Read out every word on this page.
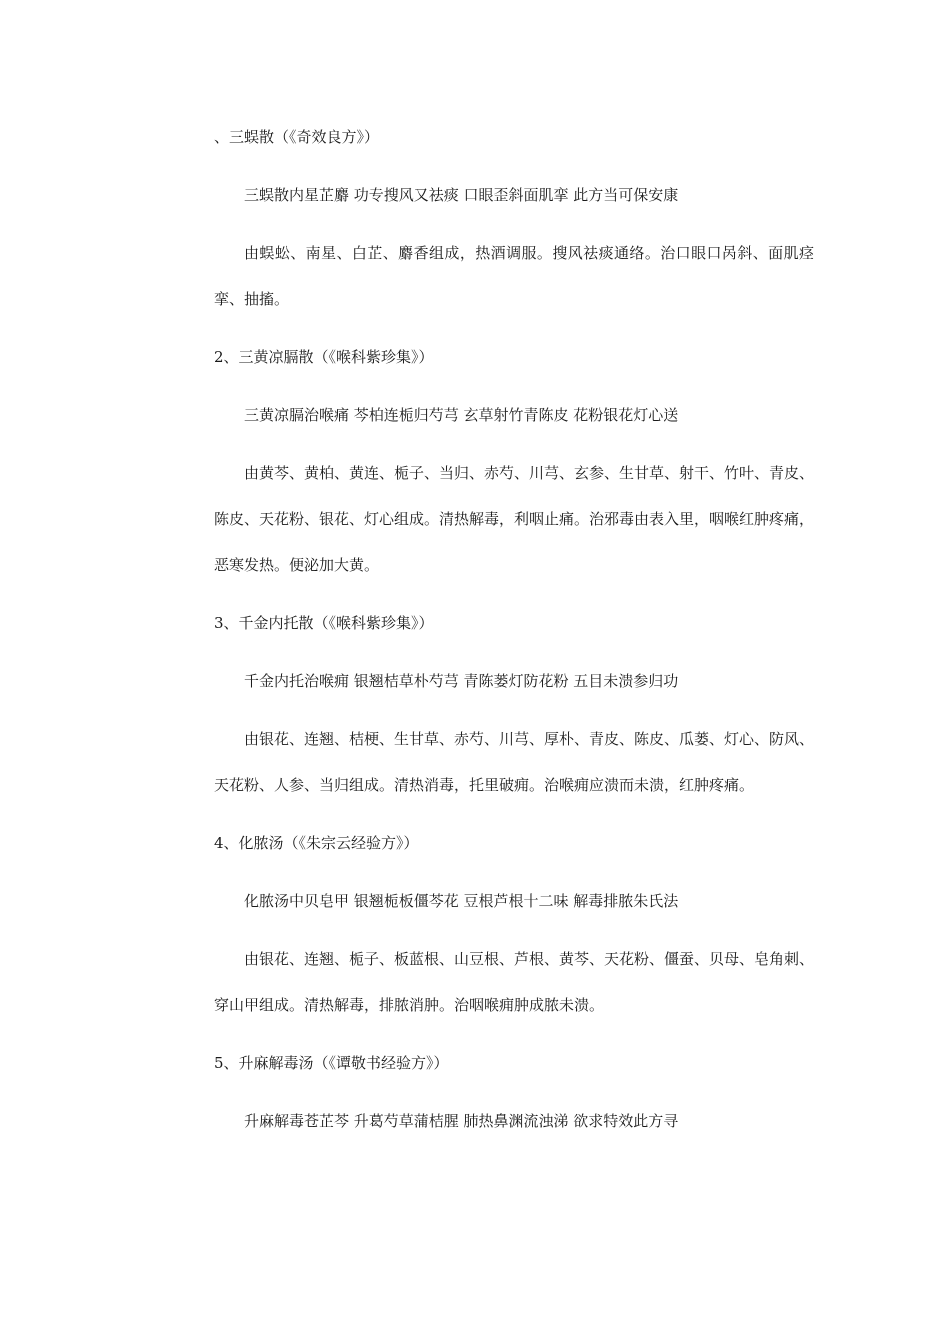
、三蜈散（《奇效良方》）

三蜈散内星芷麝 功专搜风又祛痰 口眼歪斜面肌挛 此方当可保安康

由蜈蚣、南星、白芷、麝香组成，热酒调服。搜风祛痰通络。治口眼口呙斜、面肌痉挛、抽搐。

2、三黄凉膈散（《喉科紫珍集》）

三黄凉膈治喉痛 芩柏连栀归芍芎 玄草射竹青陈皮 花粉银花灯心送

由黄芩、黄柏、黄连、栀子、当归、赤芍、川芎、玄参、生甘草、射干、竹叶、青皮、陈皮、天花粉、银花、灯心组成。清热解毒，利咽止痛。治邪毒由表入里，咽喉红肿疼痛，恶寒发热。便泌加大黄。

3、千金内托散（《喉科紫珍集》）

千金内托治喉痈 银翘桔草朴芍芎 青陈蒌灯防花粉 五目未溃参归功

由银花、连翘、桔梗、生甘草、赤芍、川芎、厚朴、青皮、陈皮、瓜蒌、灯心、防风、天花粉、人参、当归组成。清热消毒，托里破痈。治喉痈应溃而未溃，红肿疼痛。

4、化脓汤（《朱宗云经验方》）

化脓汤中贝皂甲 银翘栀板僵芩花 豆根芦根十二味 解毒排脓朱氏法

由银花、连翘、栀子、板蓝根、山豆根、芦根、黄芩、天花粉、僵蚕、贝母、皂角刺、穿山甲组成。清热解毒，排脓消肿。治咽喉痈肿成脓未溃。

5、升麻解毒汤（《谭敬书经验方》）

升麻解毒苍芷芩 升葛芍草蒲桔腥 肺热鼻渊流浊涕 欲求特效此方寻
